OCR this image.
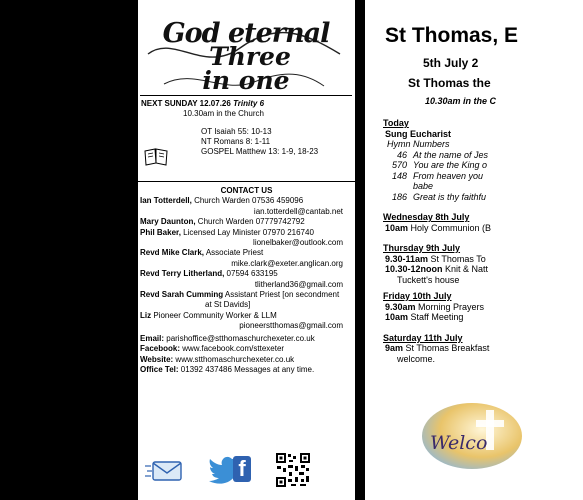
God eternal
Three
in one
NEXT SUNDAY 12.07.26 Trinity 6
10.30am in the Church
OT Isaiah 55: 10-13
NT Romans 8: 1-11
GOSPEL Matthew 13: 1-9, 18-23
CONTACT US
Ian Totterdell, Church Warden 07536 459096
ian.totterdell@cantab.net
Mary Daunton, Church Warden 07779742792
Phil Baker, Licensed Lay Minister 07970 216740
lionelbaker@outlook.com
Revd Mike Clark, Associate Priest
mike.clark@exeter.anglican.org
Revd Terry Litherland, 07594 633195
tlitherland36@gmail.com
Revd Sarah Cumming Assistant Priest [on secondment
at St Davids]
Liz Pioneer Community Worker & LLM
pioneerstthomas@gmail.com
Email: parishoffice@stthomaschurchexeter.co.uk
Facebook: www.facebook.com/sttexeter
Website: www.stthomaschurchexeter.co.uk
Office Tel: 01392 437486 Messages at any time.
f
St Thomas, E
5th July 2
St Thomas the
10.30am in the C
Today
Sung Eucharist
Hymn Numbers
46 At the name of Jes
570 You are the King o
148 From heaven you
babe
186 Great is thy faithfu
Wednesday 8th July
10am Holy Communion (B
Thursday 9th July
9.30-11am St Thomas To
10.30-12noon Knit & Natt
Tuckett's house
Friday 10th July
9.30am Morning Prayers
10am Staff Meeting
Saturday 11th July
9am St Thomas Breakfast
welcome.
Welco
